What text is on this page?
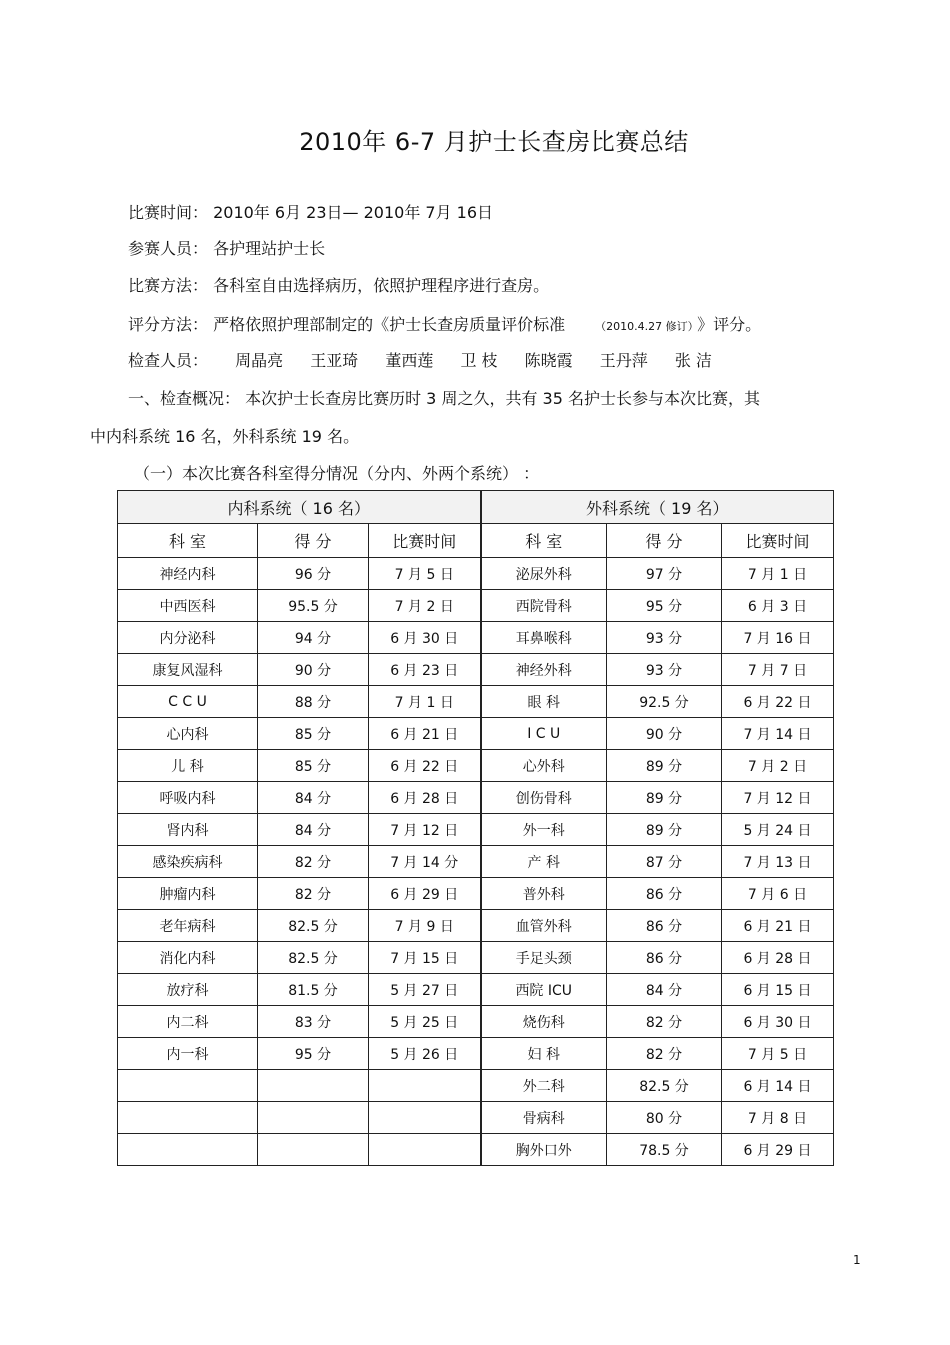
2010年 6-7 月护士长查房比赛总结
比赛时间： 2010年 6月 23日— 2010年 7月 16日
参赛人员： 各护理站护士长
比赛方法： 各科室自由选择病历，依照护理程序进行查房。
评分方法： 严格依照护理部制定的《护士长查房质量评价标准	（2010.4.27 修订） 》评分。
检查人员： 周晶亮 王亚琦 董西莲 卫 枝 陈晓霞 王丹萍 张 洁
一、检查概况： 本次护士长查房比赛历时 3 周之久，共有 35 名护士长参与本次比赛，其
中内科系统 16 名，外科系统 19 名。
（一）本次比赛各科室得分情况（分内、外两个系统） ：
内科系统（ 16 名）			外科系统（ 19 名）		
科 室	得 分	比赛时间	科 室	得 分	比赛时间
神经内科	96 分	7 月 5 日	泌尿外科	97 分	7 月 1 日
中西医科	95.5 分	7 月 2 日	西院骨科	95 分	6 月 3 日
内分泌科	94 分	6 月 30 日	耳鼻喉科	93 分	7 月 16 日
康复风湿科	90 分	6 月 23 日	神经外科	93 分	7 月 7 日
C C U	88 分	7 月 1 日	眼 科	92.5 分	6 月 22 日
心内科	85 分	6 月 21 日	I C U	90 分	7 月 14 日
儿 科	85 分	6 月 22 日	心外科	89 分	7 月 2 日
呼吸内科	84 分	6 月 28 日	创伤骨科	89 分	7 月 12 日
肾内科	84 分	7 月 12 日	外一科	89 分	5 月 24 日
感染疾病科	82 分	7 月 14 分	产 科	87 分	7 月 13 日
肿瘤内科	82 分	6 月 29 日	普外科	86 分	7 月 6 日
老年病科	82.5 分	7 月 9 日	血管外科	86 分	6 月 21 日
消化内科	82.5 分	7 月 15 日	手足头颈	86 分	6 月 28 日
放疗科	81.5 分	5 月 27 日	西院 ICU	84 分	6 月 15 日
内二科	83 分	5 月 25 日	烧伤科	82 分	6 月 30 日
内一科	95 分	5 月 26 日	妇 科	82 分	7 月 5 日
			外二科	82.5 分	6 月 14 日
			骨病科	80 分	7 月 8 日
			胸外口外	78.5 分	6 月 29 日
1
